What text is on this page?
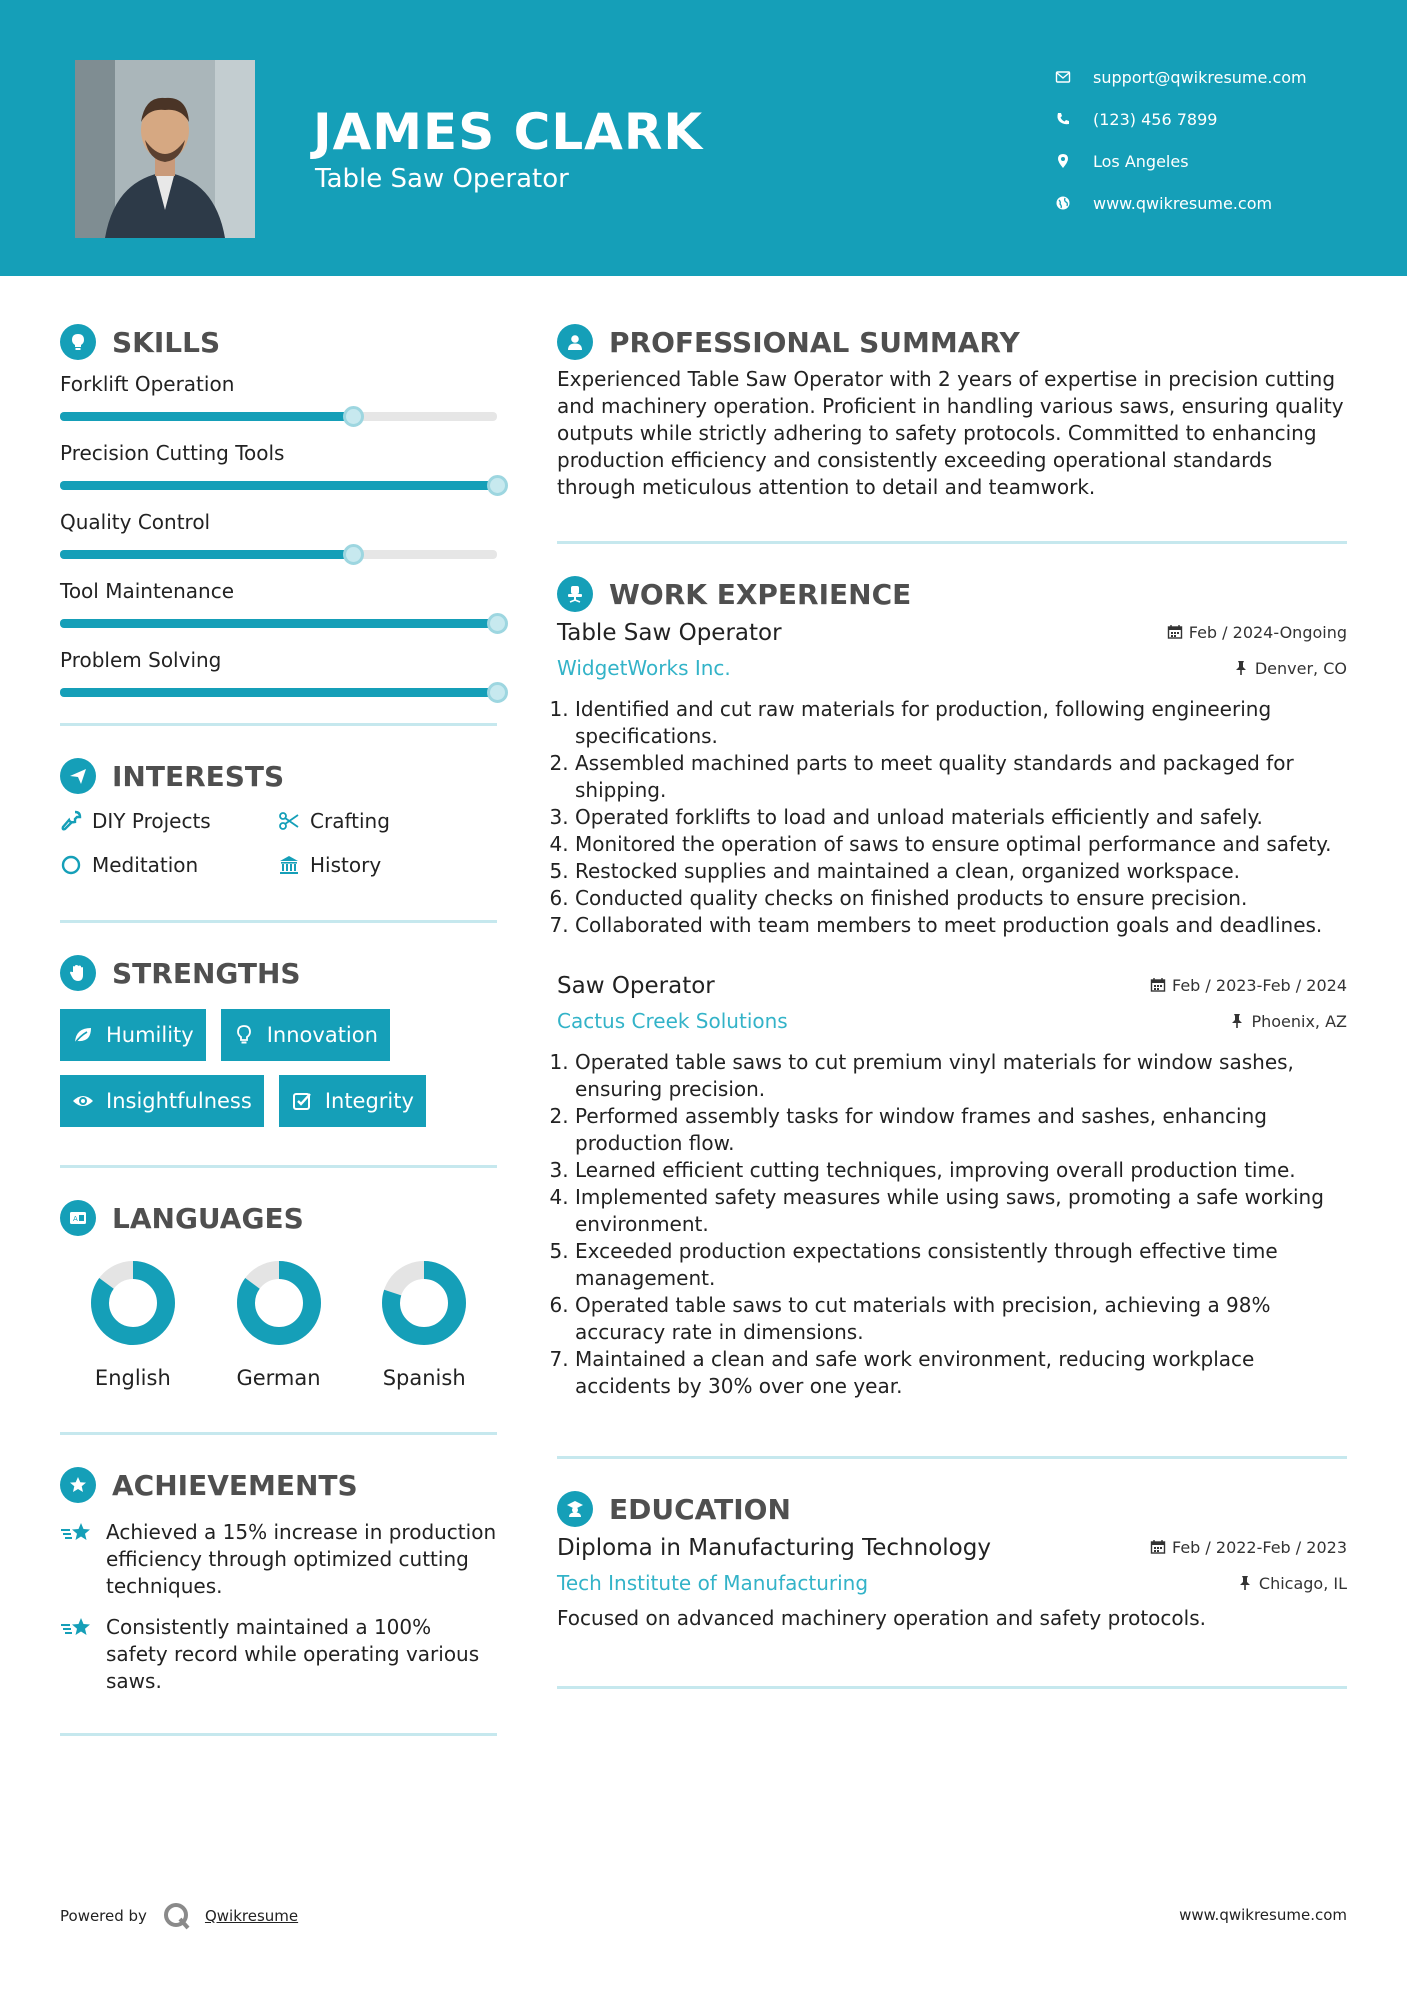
JAMES CLARK
Table Saw Operator
support@qwikresume.com
(123) 456 7899
Los Angeles
www.qwikresume.com
SKILLS
Forklift Operation
Precision Cutting Tools
Quality Control
Tool Maintenance
Problem Solving
INTERESTS
DIY Projects	Crafting
Meditation	History
STRENGTHS
Humility	Innovation
Insightfulness	Integrity
A LANGUAGES
English	German	Spanish
ACHIEVEMENTS
Achieved a 15% increase in production efficiency through optimized cutting techniques.
Consistently maintained a 100% safety record while operating various saws.
PROFESSIONAL SUMMARY
Experienced Table Saw Operator with 2 years of expertise in precision cutting and machinery operation. Proficient in handling various saws, ensuring quality outputs while strictly adhering to safety protocols. Committed to enhancing production efficiency and consistently exceeding operational standards through meticulous attention to detail and teamwork.
WORK EXPERIENCE
Table Saw Operator	Feb / 2024-Ongoing
WidgetWorks Inc.	Denver, CO
1. Identified and cut raw materials for production, following engineering specifications.
2. Assembled machined parts to meet quality standards and packaged for shipping.
3. Operated forklifts to load and unload materials efficiently and safely.
4. Monitored the operation of saws to ensure optimal performance and safety.
5. Restocked supplies and maintained a clean, organized workspace.
6. Conducted quality checks on finished products to ensure precision.
7. Collaborated with team members to meet production goals and deadlines.
Saw Operator	Feb / 2023-Feb / 2024
Cactus Creek Solutions	Phoenix, AZ
1. Operated table saws to cut premium vinyl materials for window sashes, ensuring precision.
2. Performed assembly tasks for window frames and sashes, enhancing production flow.
3. Learned efficient cutting techniques, improving overall production time.
4. Implemented safety measures while using saws, promoting a safe working environment.
5. Exceeded production expectations consistently through effective time management.
6. Operated table saws to cut materials with precision, achieving a 98% accuracy rate in dimensions.
7. Maintained a clean and safe work environment, reducing workplace accidents by 30% over one year.
EDUCATION
Diploma in Manufacturing Technology	Feb / 2022-Feb / 2023
Tech Institute of Manufacturing	Chicago, IL
Focused on advanced machinery operation and safety protocols.
Powered by	Qwikresume	www.qwikresume.com
